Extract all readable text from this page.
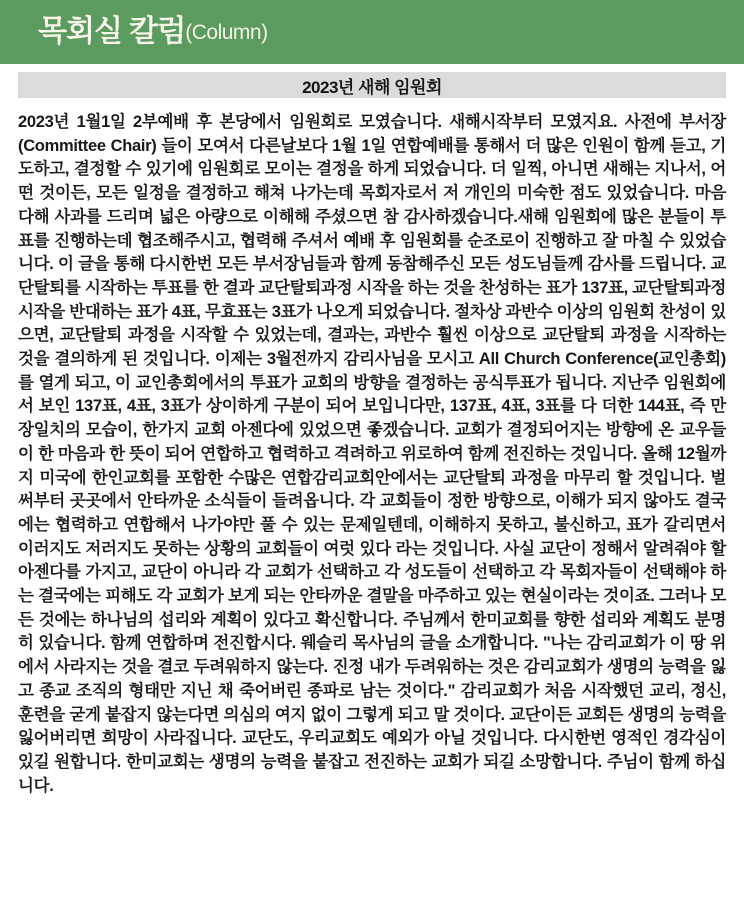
목회실 칼럼 (Column)
2023년 새해 임원회
2023년 1월1일 2부예배 후 본당에서 임원회로 모였습니다. 새해시작부터 모였지요. 사전에 부서장(Committee Chair) 들이 모여서 다른날보다 1월 1일 연합예배를 통해서 더 많은 인원이 함께 듣고, 기도하고, 결정할 수 있기에 임원회로 모이는 결정을 하게 되었습니다. 더 일찍, 아니면 새해는 지나서, 어떤 것이든, 모든 일정을 결정하고 해쳐 나가는데 목회자로서 저 개인의 미숙한 점도 있었습니다. 마음 다해 사과를 드리며 넓은 아량으로 이해해 주셨으면 참 감사하겠습니다.새해 임원회에 많은 분들이 투표를 진행하는데 협조해주시고, 협력해 주셔서 예배 후 임원회를 순조로이 진행하고 잘 마칠 수 있었습니다. 이 글을 통해 다시한번 모든 부서장님들과 함께 동참해주신 모든 성도님들께 감사를 드립니다. 교단탈퇴를 시작하는 투표를 한 결과 교단탈퇴과정 시작을 하는 것을 찬성하는 표가 137표, 교단탈퇴과정 시작을 반대하는 표가 4표, 무효표는 3표가 나오게 되었습니다. 절차상 과반수 이상의 임원회 찬성이 있으면, 교단탈퇴 과정을 시작할 수 있었는데, 결과는, 과반수 훨씬 이상으로 교단탈퇴 과정을 시작하는 것을 결의하게 된 것입니다. 이제는 3월전까지 감리사님을 모시고 All Church Conference(교인총회)를 열게 되고, 이 교인총회에서의 투표가 교회의 방향을 결정하는 공식투표가 됩니다. 지난주 임원회에서 보인 137표, 4표, 3표가 상이하게 구분이 되어 보입니다만, 137표, 4표, 3표를 다 더한 144표, 즉 만장일치의 모습이, 한가지 교회 아젠다에 있었으면 좋겠습니다. 교회가 결정되어지는 방향에 온 교우들이 한 마음과 한 뜻이 되어 연합하고 협력하고 격려하고 위로하여 함께 전진하는 것입니다. 올해 12월까지 미국에 한인교회를 포함한 수많은 연합감리교회안에서는 교단탈퇴 과정을 마무리 할 것입니다. 벌써부터 곳곳에서 안타까운 소식들이 들려옵니다. 각 교회들이 정한 방향으로, 이해가 되지 않아도 결국에는 협력하고 연합해서 나가야만 풀 수 있는 문제일텐데, 이해하지 못하고, 불신하고, 표가 갈리면서 이러지도 저러지도 못하는 상황의 교회들이 여럿 있다 라는 것입니다. 사실 교단이 정해서 알려줘야 할 아젠다를 가지고, 교단이 아니라 각 교회가 선택하고 각 성도들이 선택하고 각 목회자들이 선택해야 하는 결국에는 피해도 각 교회가 보게 되는 안타까운 결말을 마주하고 있는 현실이라는 것이죠. 그러나 모든 것에는 하나님의 섭리와 계획이 있다고 확신합니다. 주님께서 한미교회를 향한 섭리와 계획도 분명히 있습니다. 함께 연합하며 전진합시다. 웨슬리 목사님의 글을 소개합니다. "나는 감리교회가 이 땅 위에서 사라지는 것을 결코 두려워하지 않는다. 진정 내가 두려워하는 것은 감리교회가 생명의 능력을 잃고 종교 조직의 형태만 지닌 채 죽어버린 종파로 남는 것이다." 감리교회가 처음 시작했던 교리, 정신, 훈련을 굳게 붙잡지 않는다면 의심의 여지 없이 그렇게 되고 말 것이다. 교단이든 교회든 생명의 능력을 잃어버리면 희망이 사라집니다. 교단도, 우리교회도 예외가 아닐 것입니다. 다시한번 영적인 경각심이 있길 원합니다. 한미교회는 생명의 능력을 붙잡고 전진하는 교회가 되길 소망합니다. 주님이 함께 하십니다.
